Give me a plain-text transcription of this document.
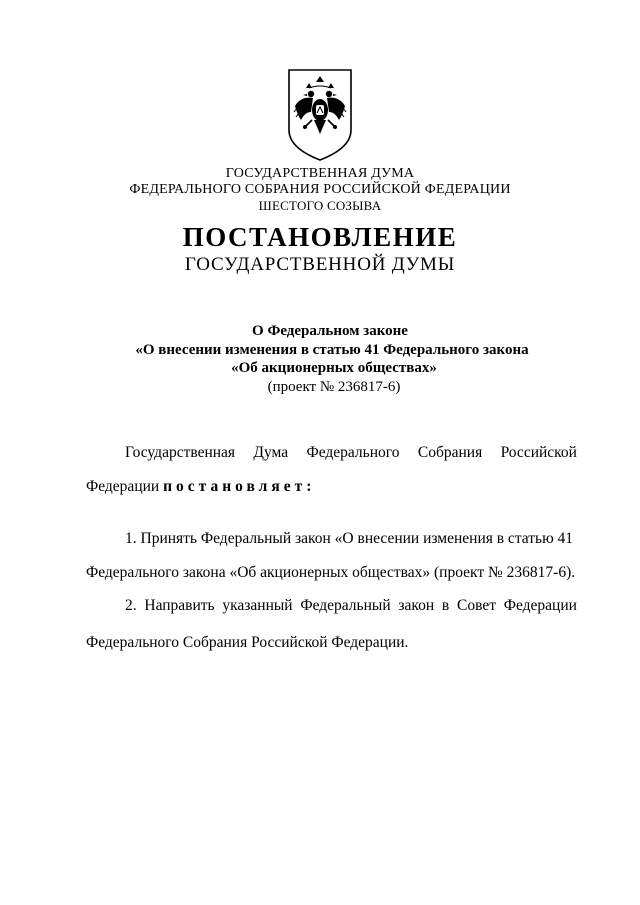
ГОСУДАРСТВЕННАЯ ДУМА
ФЕДЕРАЛЬНОГО СОБРАНИЯ РОССИЙСКОЙ ФЕДЕРАЦИИ
ШЕСТОГО СОЗЫВА
ПОСТАНОВЛЕНИЕ
ГОСУДАРСТВЕННОЙ ДУМЫ
О Федеральном законе
«О внесении изменения в статью 41 Федерального закона
«Об акционерных обществах»
(проект № 236817-6)
Государственная Дума Федерального Собрания Российской
Федерации постановляет:
1. Принять Федеральный закон «О внесении изменения в статью 41
Федерального закона «Об акционерных обществах» (проект № 236817-6).
2. Направить указанный Федеральный закон в Совет Федерации
Федерального Собрания Российской Федерации.
